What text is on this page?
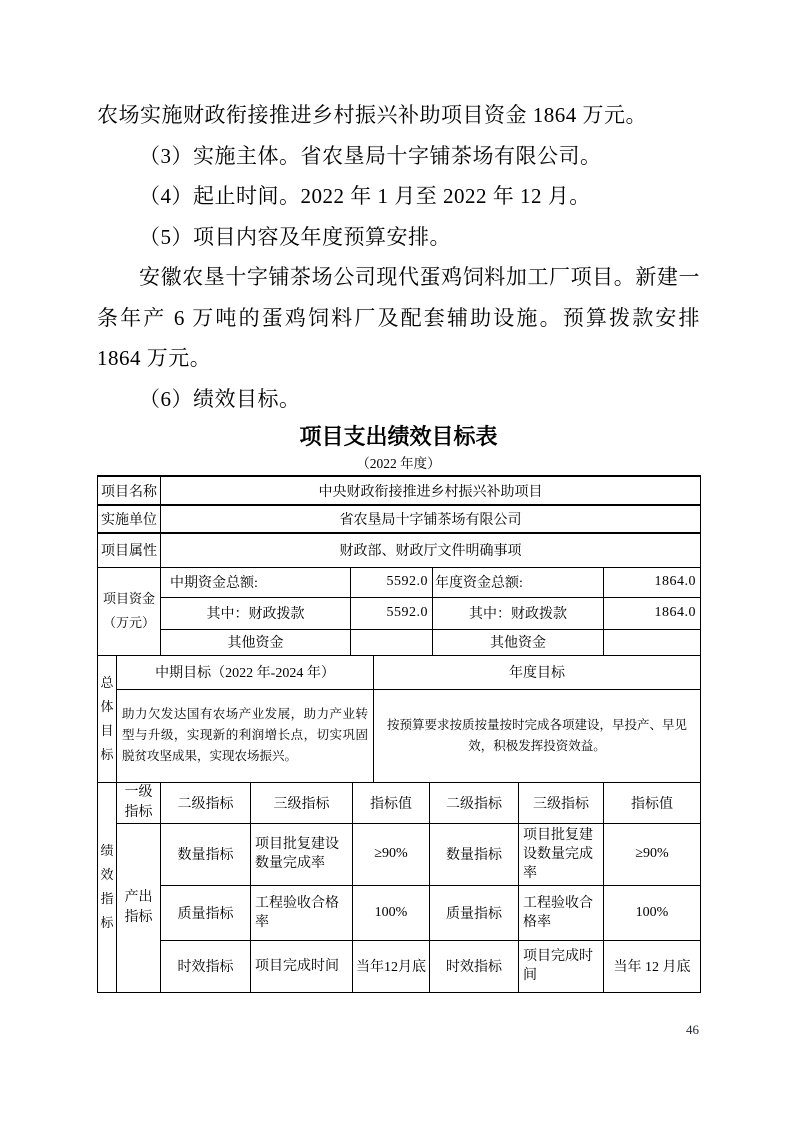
农场实施财政衔接推进乡村振兴补助项目资金 1864 万元。

（3）实施主体。省农垦局十字铺茶场有限公司。

（4）起止时间。2022 年 1 月至 2022 年 12 月。

（5）项目内容及年度预算安排。

安徽农垦十字铺茶场公司现代蛋鸡饲料加工厂项目。新建一条年产 6 万吨的蛋鸡饲料厂及配套辅助设施。预算拨款安排 1864 万元。

（6）绩效目标。

项目支出绩效目标表
（2022 年度）
项目名称	中央财政衔接推进乡村振兴补助项目
实施单位	省农垦局十字铺茶场有限公司
项目属性	财政部、财政厅文件明确事项
项目资金（万元）	中期资金总额:	5592.0	年度资金总额:	1864.0
	其中：财政拨款	5592.0	其中：财政拨款	1864.0
	其他资金		其他资金	
总体目标	中期目标（2022 年-2024 年）	年度目标
	助力欠发达国有农场产业发展，助力产业转型与升级，实现新的利润增长点，切实巩固脱贫攻坚成果，实现农场振兴。	按预算要求按质按量按时完成各项建设，早投产、早见效，积极发挥投资效益。
绩效指标	一级指标	二级指标	三级指标	指标值	二级指标	三级指标	指标值
	产出指标	数量指标	项目批复建设数量完成率	≥90%	数量指标	项目批复建设数量完成率	≥90%
		质量指标	工程验收合格率	100%	质量指标	工程验收合格率	100%
		时效指标	项目完成时间	当年12月底	时效指标	项目完成时间	当年 12 月底
46
